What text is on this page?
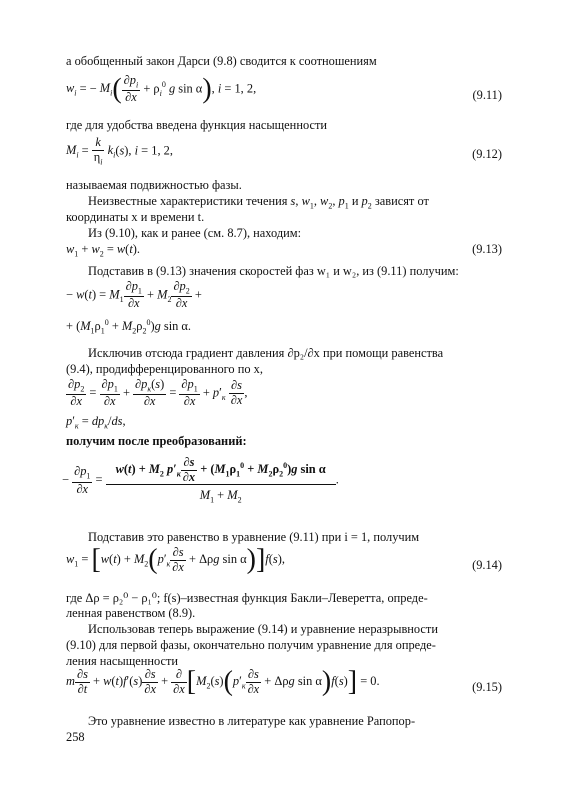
а обобщенный закон Дарси (9.8) сводится к соотношениям
$w_i$ = − $M_i( \frac{\partial p_i}{\partial x} + \rho_i^0$ g sin α), i = 1, 2,	(9.11)
где для удобства введена функция насыщенности
$M_i = \frac{k}{\eta_i} k_i(s)$, i = 1, 2,	(9.12)
называемая подвижностью фазы.
Неизвестные характеристики течения s, $w_1$, $w_2$, $p_1$ и $p_2$ зависят от
координаты x и времени t.
Из (9.10), как и ранее (см. 8.7), находим:
$w_1 + w_2 = w(t)$.	(9.13)
Подставив в (9.13) значения скоростей фаз w₁ и w₂, из (9.11) получим:
− $w(t) = M_1 \frac{\partial p_1}{\partial x} + M_2 \frac{\partial p_2}{\partial x}$ +
+ $(M_1\rho_1^0 + M_2\rho_2^0)g$ sin α.
Исключив отсюда градиент давления ∂p₂/∂x при помощи равенства
(9.4), продифференцированного по x,
$\frac{\partial p_2}{\partial x} = \frac{\partial p_1}{\partial x} + \frac{\partial p_к(s)}{\partial x} = \frac{\partial p_1}{\partial x} + p'_к \frac{\partial s}{\partial x}$ ,
$p'_к = dp_к/ds$,
получим после преобразований:
− $\frac{\partial p_1}{\partial x} = \frac{w(t) + M_2 p'_к \frac{\partial s}{\partial x} + (M_1\rho_1^0 + M_2\rho_2^0)g \sin \alpha}{M_1 + M_2}$ .
Подставив это равенство в уравнение (9.11) при i = 1, получим
$w_1 = [w(t) + M_2(p'_к \frac{\partial s}{\partial x} + \Delta\rho g$ sin α)]f(s),	(9.14)
где Δρ = ρ₂⁰ − ρ₁⁰; f(s)–известная функция Бакли–Леверетта, опреде-
ленная равенством (8.9).
Использовав теперь выражение (9.14) и уравнение неразрывности
(9.10) для первой фазы, окончательно получим уравнение для опреде-
ления насыщенности
m $\frac{\partial s}{\partial t} + w(t)f'(s) \frac{\partial s}{\partial x} + \frac{\partial}{\partial x} [M_2(s)(p'_к \frac{\partial s}{\partial x} + \Delta\rho g$ sin α)f(s)] = 0.	(9.15)
Это уравнение известно в литературе как уравнение Рапопор-
258
